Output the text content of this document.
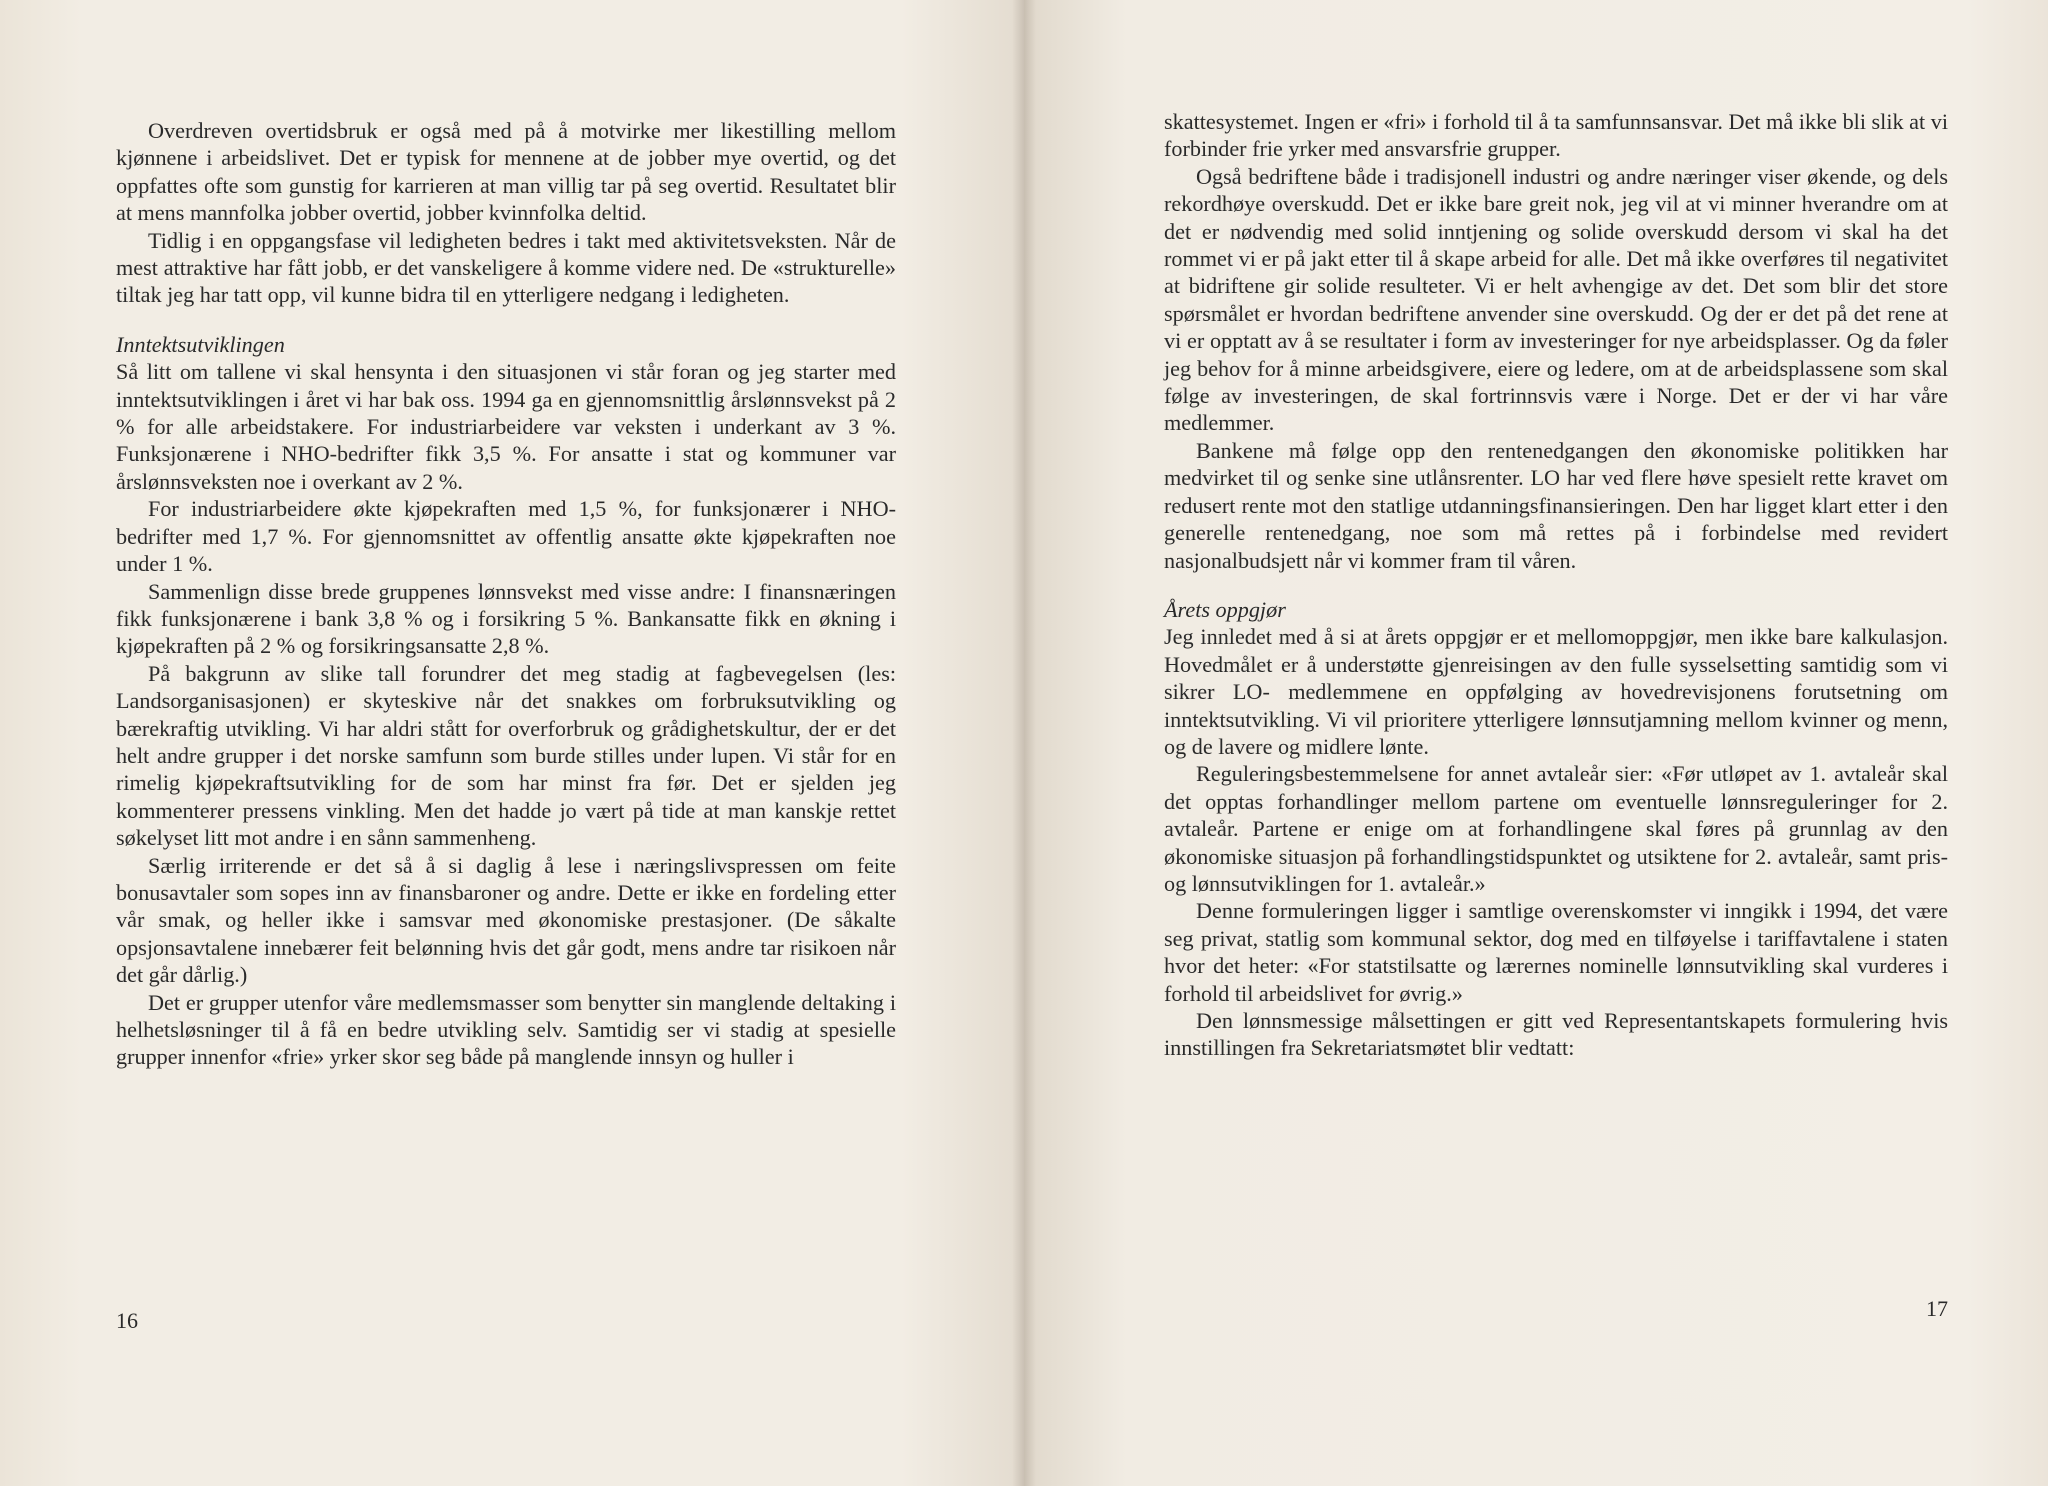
Overdreven overtidsbruk er også med på å motvirke mer likestilling mellom kjønnene i arbeidslivet. Det er typisk for mennene at de jobber mye overtid, og det oppfattes ofte som gunstig for karrieren at man villig tar på seg overtid. Resultatet blir at mens mannfolka jobber overtid, jobber kvinnfolka deltid.

Tidlig i en oppgangsfase vil ledigheten bedres i takt med aktivitetsveksten. Når de mest attraktive har fått jobb, er det vanskeligere å komme videre ned. De «strukturelle» tiltak jeg har tatt opp, vil kunne bidra til en ytterligere nedgang i ledigheten.

Inntektsutviklingen

Så litt om tallene vi skal hensynta i den situasjonen vi står foran og jeg starter med inntektsutviklingen i året vi har bak oss. 1994 ga en gjennomsnittlig årslønnsvekst på 2 % for alle arbeidstakere. For industriarbeidere var veksten i underkant av 3 %. Funksjonærene i NHO-bedrifter fikk 3,5 %. For ansatte i stat og kommuner var årslønnsveksten noe i overkant av 2 %.

For industriarbeidere økte kjøpekraften med 1,5 %, for funksjonærer i NHO-bedrifter med 1,7 %. For gjennomsnittet av offentlig ansatte økte kjøpekraften noe under 1 %.

Sammenlign disse brede gruppenes lønnsvekst med visse andre: I finansnæringen fikk funksjonærene i bank 3,8 % og i forsikring 5 %. Bankansatte fikk en økning i kjøpekraften på 2 % og forsikringsansatte 2,8 %.

På bakgrunn av slike tall forundrer det meg stadig at fagbevegelsen (les: Landsorganisasjonen) er skyteskive når det snakkes om forbruksutvikling og bærekraftig utvikling. Vi har aldri stått for overforbruk og grådighetskultur, der er det helt andre grupper i det norske samfunn som burde stilles under lupen. Vi står for en rimelig kjøpekraftsutvikling for de som har minst fra før. Det er sjelden jeg kommenterer pressens vinkling. Men det hadde jo vært på tide at man kanskje rettet søkelyset litt mot andre i en sånn sammenheng.

Særlig irriterende er det så å si daglig å lese i næringslivspressen om feite bonusavtaler som sopes inn av finansbaroner og andre. Dette er ikke en fordeling etter vår smak, og heller ikke i samsvar med økonomiske prestasjoner. (De såkalte opsjonsavtalene innebærer feit belønning hvis det går godt, mens andre tar risikoen når det går dårlig.)

Det er grupper utenfor våre medlemsmasser som benytter sin manglende deltaking i helhetsløsninger til å få en bedre utvikling selv. Samtidig ser vi stadig at spesielle grupper innenfor «frie» yrker skor seg både på manglende innsyn og huller i

16

skattesystemet. Ingen er «fri» i forhold til å ta samfunnsansvar. Det må ikke bli slik at vi forbinder frie yrker med ansvarsfrie grupper.

Også bedriftene både i tradisjonell industri og andre næringer viser økende, og dels rekordhøye overskudd. Det er ikke bare greit nok, jeg vil at vi minner hverandre om at det er nødvendig med solid inntjening og solide overskudd dersom vi skal ha det rommet vi er på jakt etter til å skape arbeid for alle. Det må ikke overføres til negativitet at bidriftene gir solide resulteter. Vi er helt avhengige av det. Det som blir det store spørsmålet er hvordan bedriftene anvender sine overskudd. Og der er det på det rene at vi er opptatt av å se resultater i form av investeringer for nye arbeidsplasser. Og da føler jeg behov for å minne arbeidsgivere, eiere og ledere, om at de arbeidsplassene som skal følge av investeringen, de skal fortrinnsvis være i Norge. Det er der vi har våre medlemmer.

Bankene må følge opp den rentenedgangen den økonomiske politikken har medvirket til og senke sine utlånsrenter. LO har ved flere høve spesielt rette kravet om redusert rente mot den statlige utdanningsfinansieringen. Den har ligget klart etter i den generelle rentenedgang, noe som må rettes på i forbindelse med revidert nasjonalbudsjett når vi kommer fram til våren.

Årets oppgjør

Jeg innledet med å si at årets oppgjør er et mellomoppgjør, men ikke bare kalkulasjon. Hovedmålet er å understøtte gjenreisingen av den fulle sysselsetting samtidig som vi sikrer LO- medlemmene en oppfølging av hovedrevisjonens forutsetning om inntektsutvikling. Vi vil prioritere ytterligere lønnsutjamning mellom kvinner og menn, og de lavere og midlere lønte.

Reguleringsbestemmelsene for annet avtaleår sier: «Før utløpet av 1. avtaleår skal det opptas forhandlinger mellom partene om eventuelle lønnsreguleringer for 2. avtaleår. Partene er enige om at forhandlingene skal føres på grunnlag av den økonomiske situasjon på forhandlingstidspunktet og utsiktene for 2. avtaleår, samt pris- og lønnsutviklingen for 1. avtaleår.»

Denne formuleringen ligger i samtlige overenskomster vi inngikk i 1994, det være seg privat, statlig som kommunal sektor, dog med en tilføyelse i tariffavtalene i staten hvor det heter: «For statstilsatte og lærernes nominelle lønnsutvikling skal vurderes i forhold til arbeidslivet for øvrig.»

Den lønnsmessige målsettingen er gitt ved Representantskapets formulering hvis innstillingen fra Sekretariatsmøtet blir vedtatt:

17
